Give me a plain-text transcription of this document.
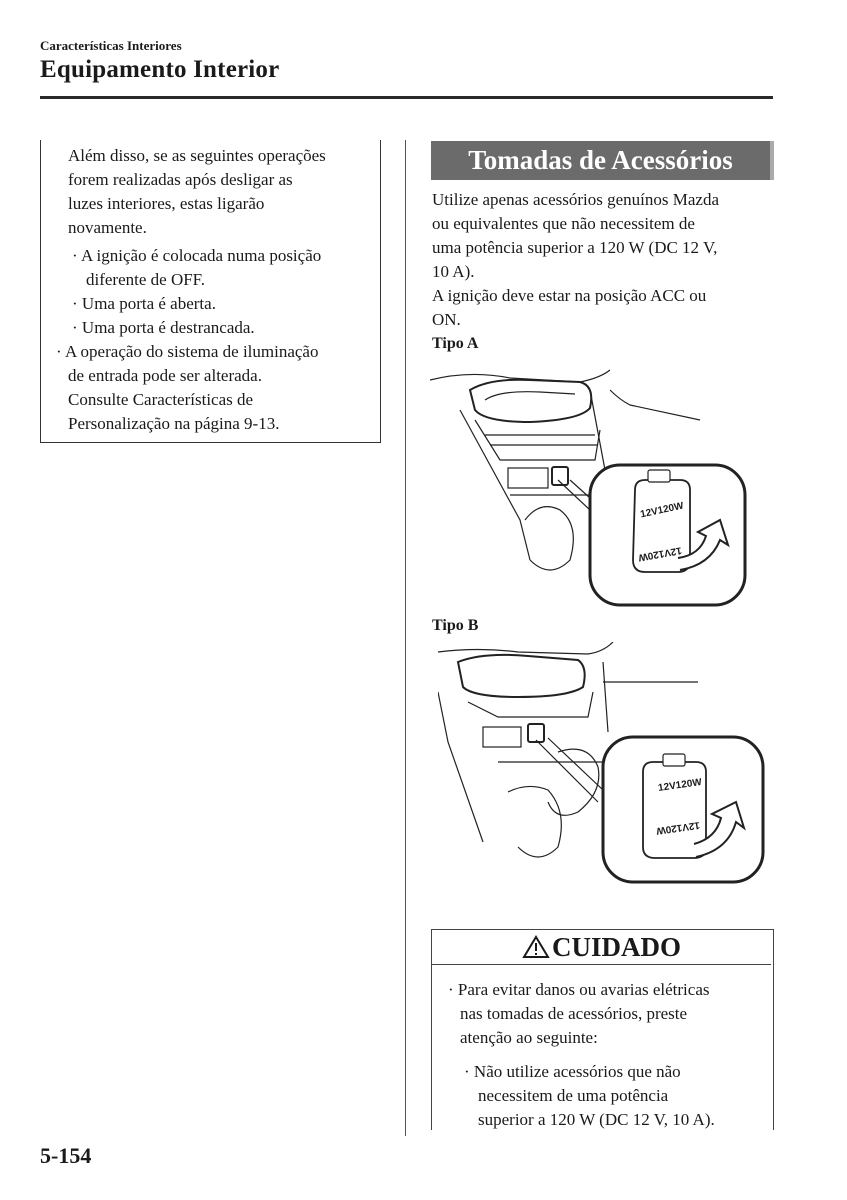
Características Interiores
Equipamento Interior
Além disso, se as seguintes operações
forem realizadas após desligar as
luzes interiores, estas ligarão
novamente.
· A ignição é colocada numa posição
diferente de OFF.
· Uma porta é aberta.
· Uma porta é destrancada.
· A operação do sistema de iluminação
de entrada pode ser alterada.
Consulte Características de
Personalização na página 9-13.
Tomadas de Acessórios
Utilize apenas acessórios genuínos Mazda
ou equivalentes que não necessitem de
uma potência superior a 120 W (DC 12 V,
10 A).
A ignição deve estar na posição ACC ou
ON.
Tipo A
12V120W
12V120W
Tipo B
12V120W
12V120W
CUIDADO
· Para evitar danos ou avarias elétricas
nas tomadas de acessórios, preste
atenção ao seguinte:
· Não utilize acessórios que não
necessitem de uma potência
superior a 120 W (DC 12 V, 10 A).
5-154
